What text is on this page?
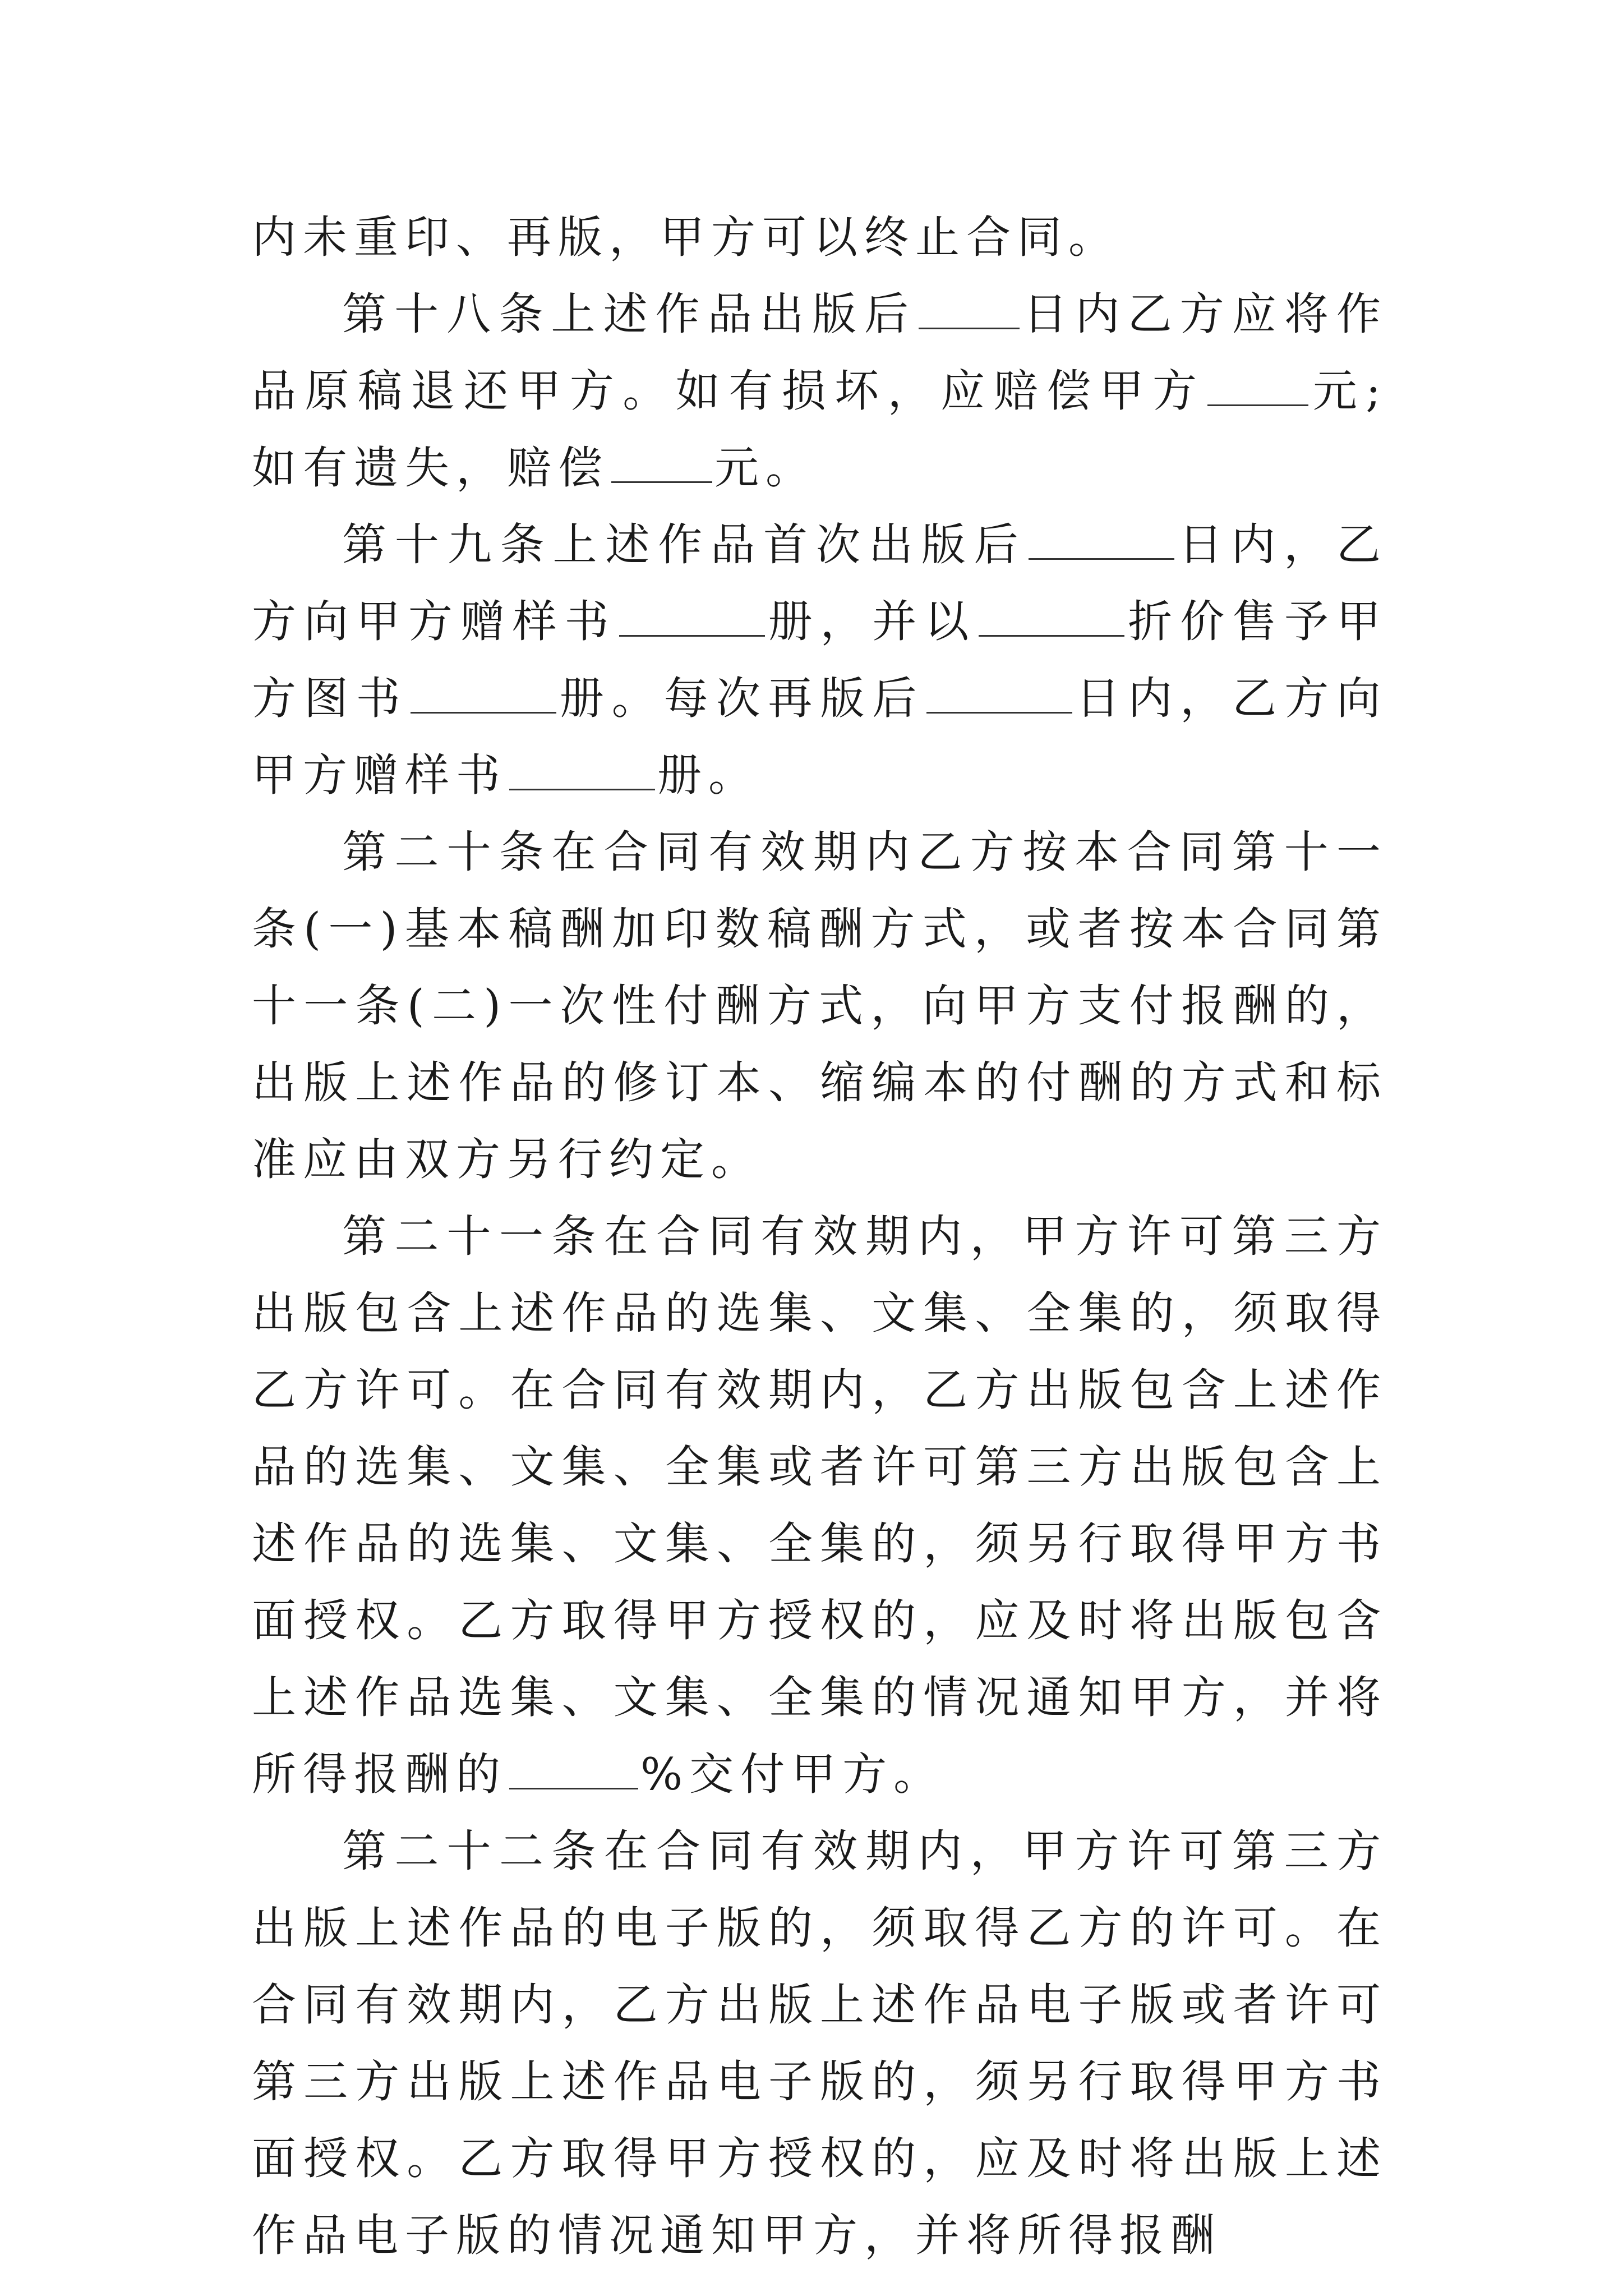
内未重印、再版，甲方可以终止合同。

第十八条上述作品出版后 日内乙方应将作品原稿退还甲方。如有损坏，应赔偿甲方 元;如有遗失，赔偿 元。

第十九条上述作品首次出版后	日内，乙方向甲方赠样书	册，并以	折价售予甲方图书	册。每次再版后	日内，乙方向甲方赠样书	册。

第二十条在合同有效期内乙方按本合同第十一条(一)基本稿酬加印数稿酬方式，或者按本合同第十一条(二)一次性付酬方式，向甲方支付报酬的，出版上述作品的修订本、缩编本的付酬的方式和标准应由双方另行约定。

第二十一条在合同有效期内，甲方许可第三方出版包含上述作品的选集、文集、全集的，须取得乙方许可。在合同有效期内，乙方出版包含上述作品的选集、文集、全集或者许可第三方出版包含上述作品的选集、文集、全集的，须另行取得甲方书面授权。乙方取得甲方授权的，应及时将出版包含上述作品选集、文集、全集的情况通知甲方，并将所得报酬的	%交付甲方。

第二十二条在合同有效期内，甲方许可第三方出版上述作品的电子版的，须取得乙方的许可。在合同有效期内，乙方出版上述作品电子版或者许可第三方出版上述作品电子版的，须另行取得甲方书面授权。乙方取得甲方授权的，应及时将出版上述作品电子版的情况通知甲方，并将所得报酬
